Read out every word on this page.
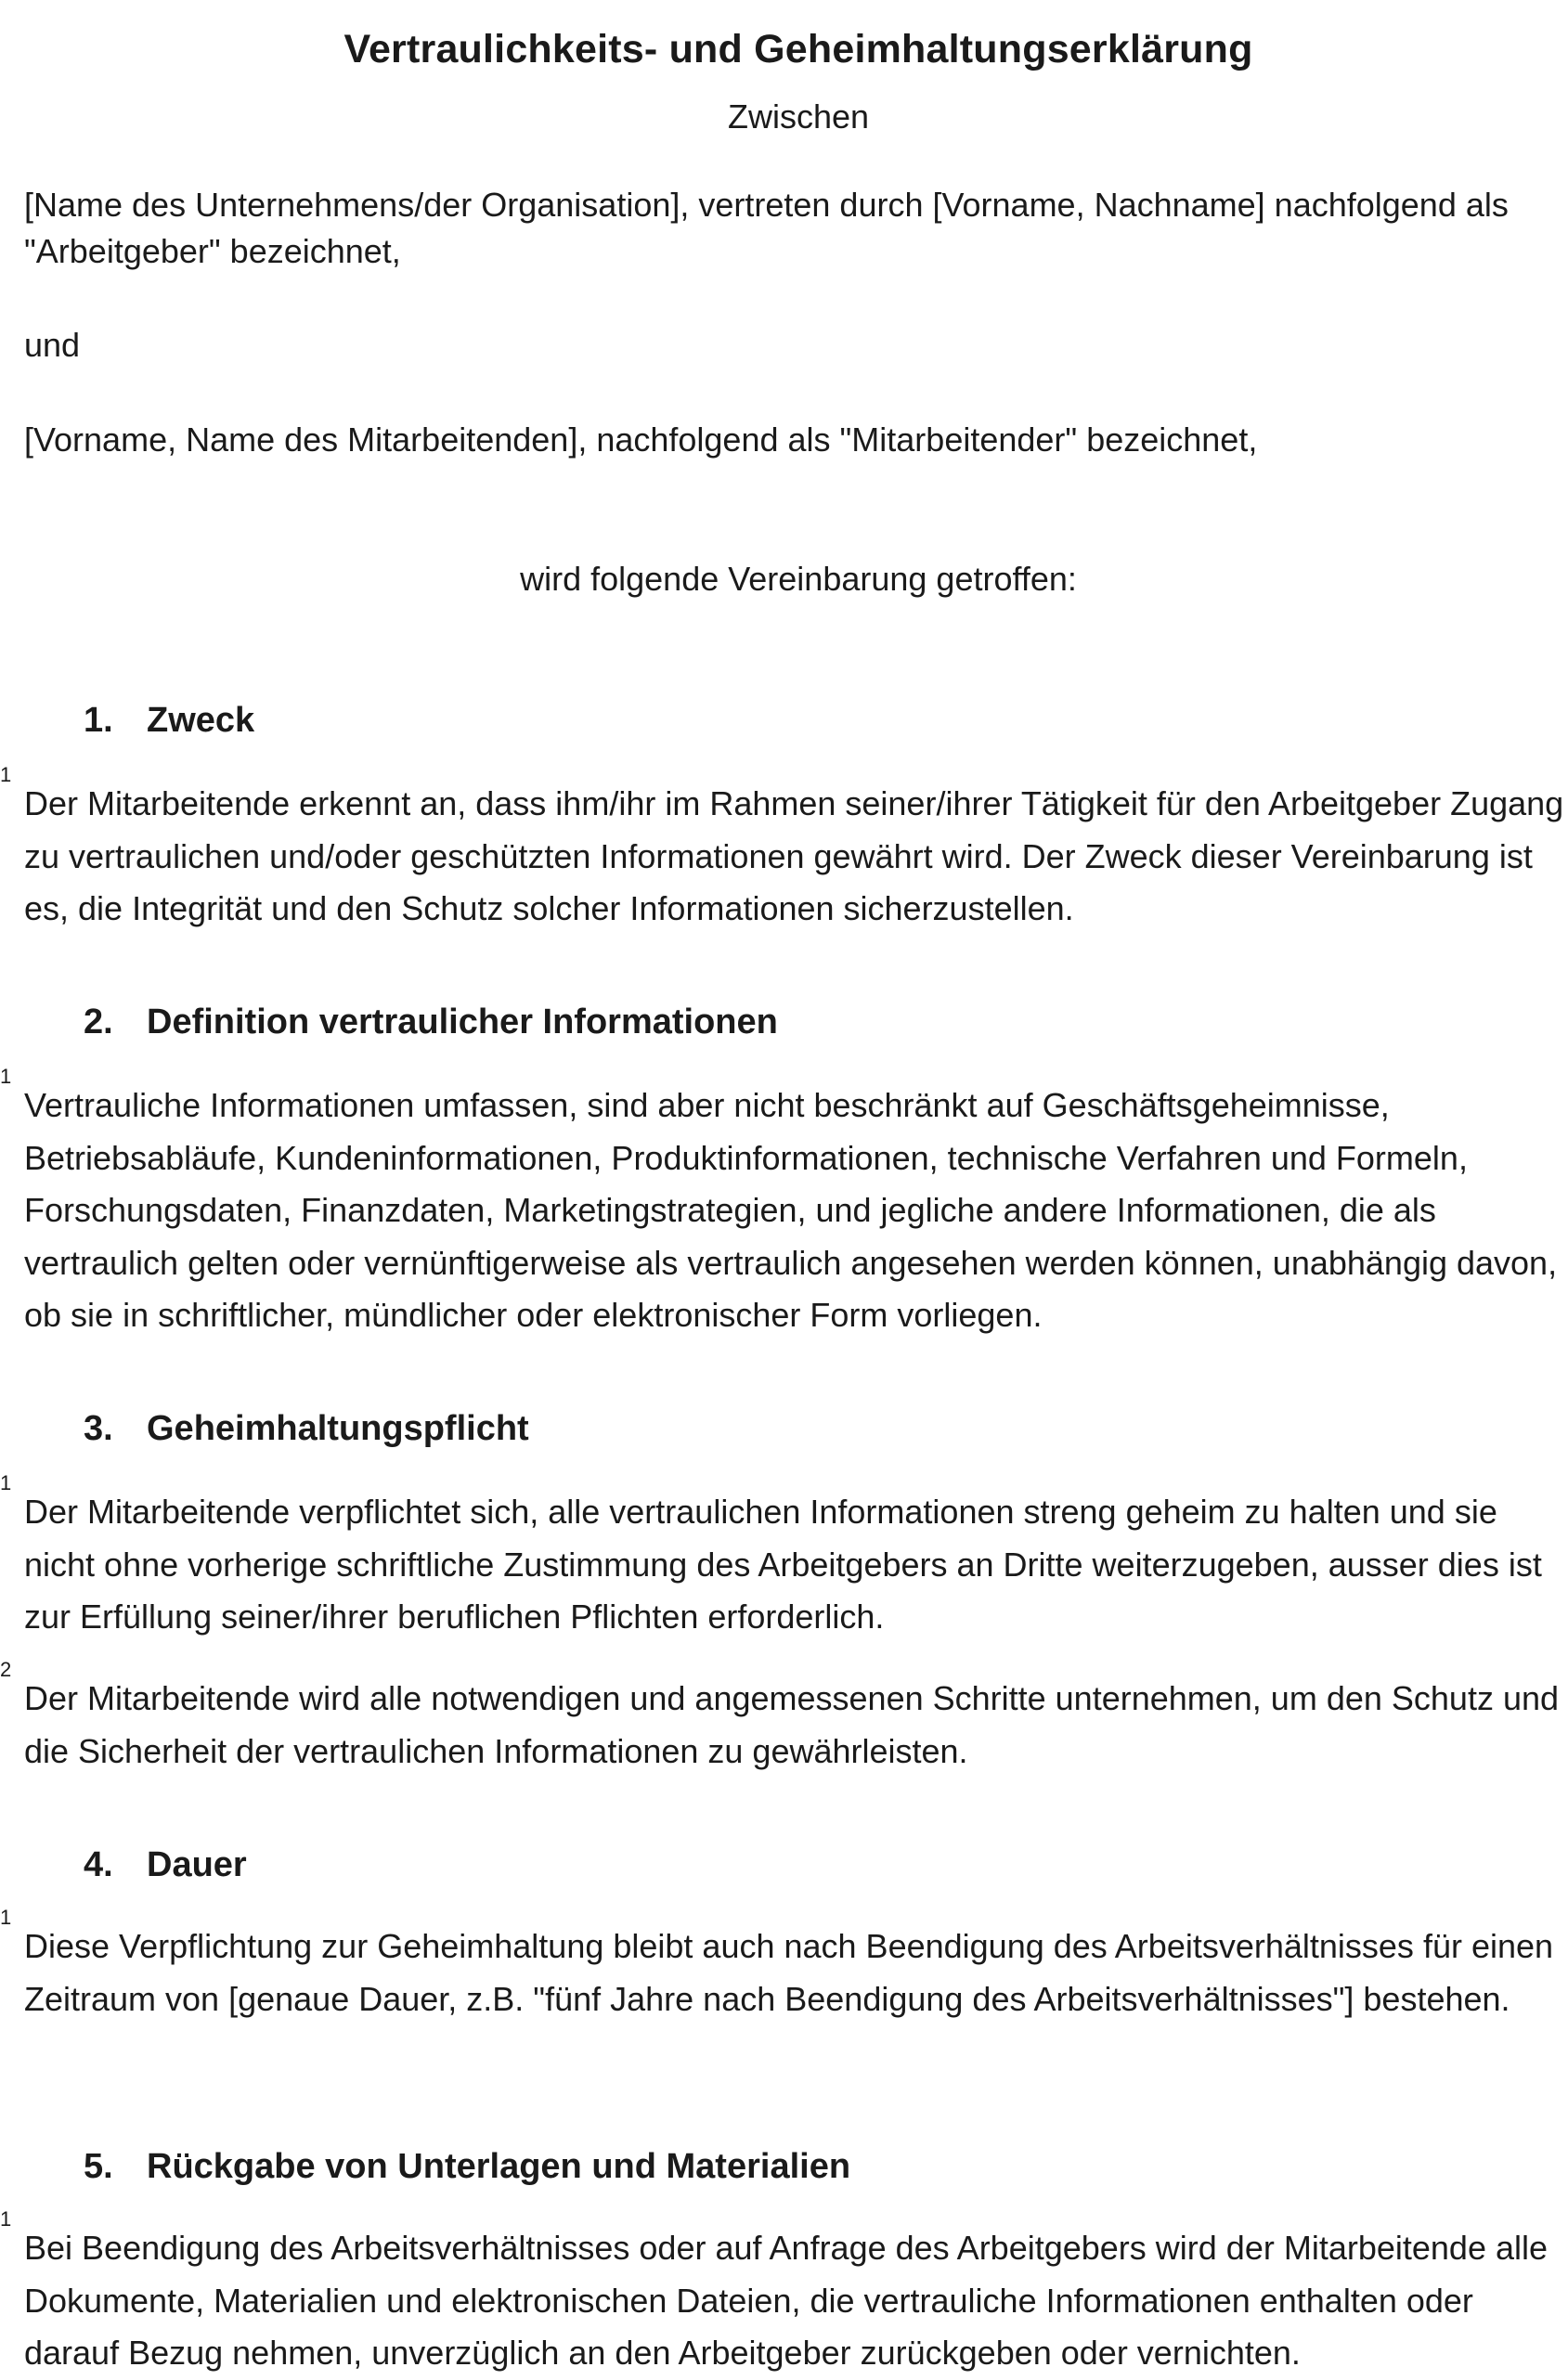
Vertraulichkeits- und Geheimhaltungserklärung

Zwischen

[Name des Unternehmens/der Organisation], vertreten durch [Vorname, Nachname] nachfolgend als "Arbeitgeber" bezeichnet,

und

[Vorname, Name des Mitarbeitenden], nachfolgend als "Mitarbeitender" bezeichnet,

wird folgende Vereinbarung getroffen:

1. Zweck

1
Der Mitarbeitende erkennt an, dass ihm/ihr im Rahmen seiner/ihrer Tätigkeit für den Arbeitgeber Zugang zu vertraulichen und/oder geschützten Informationen gewährt wird. Der Zweck dieser Vereinbarung ist es, die Integrität und den Schutz solcher Informationen sicherzustellen.

2. Definition vertraulicher Informationen

1
Vertrauliche Informationen umfassen, sind aber nicht beschränkt auf Geschäftsgeheimnisse, Betriebsabläufe, Kundeninformationen, Produktinformationen, technische Verfahren und Formeln, Forschungsdaten, Finanzdaten, Marketingstrategien, und jegliche andere Informationen, die als vertraulich gelten oder vernünftigerweise als vertraulich angesehen werden können, unabhängig davon, ob sie in schriftlicher, mündlicher oder elektronischer Form vorliegen.

3. Geheimhaltungspflicht

1
Der Mitarbeitende verpflichtet sich, alle vertraulichen Informationen streng geheim zu halten und sie nicht ohne vorherige schriftliche Zustimmung des Arbeitgebers an Dritte weiterzugeben, ausser dies ist zur Erfüllung seiner/ihrer beruflichen Pflichten erforderlich.

2
Der Mitarbeitende wird alle notwendigen und angemessenen Schritte unternehmen, um den Schutz und die Sicherheit der vertraulichen Informationen zu gewährleisten.

4. Dauer

1
Diese Verpflichtung zur Geheimhaltung bleibt auch nach Beendigung des Arbeitsverhältnisses für einen Zeitraum von [genaue Dauer, z.B. "fünf Jahre nach Beendigung des Arbeitsverhältnisses"] bestehen.

5. Rückgabe von Unterlagen und Materialien

1
Bei Beendigung des Arbeitsverhältnisses oder auf Anfrage des Arbeitgebers wird der Mitarbeitende alle Dokumente, Materialien und elektronischen Dateien, die vertrauliche Informationen enthalten oder darauf Bezug nehmen, unverzüglich an den Arbeitgeber zurückgeben oder vernichten.
